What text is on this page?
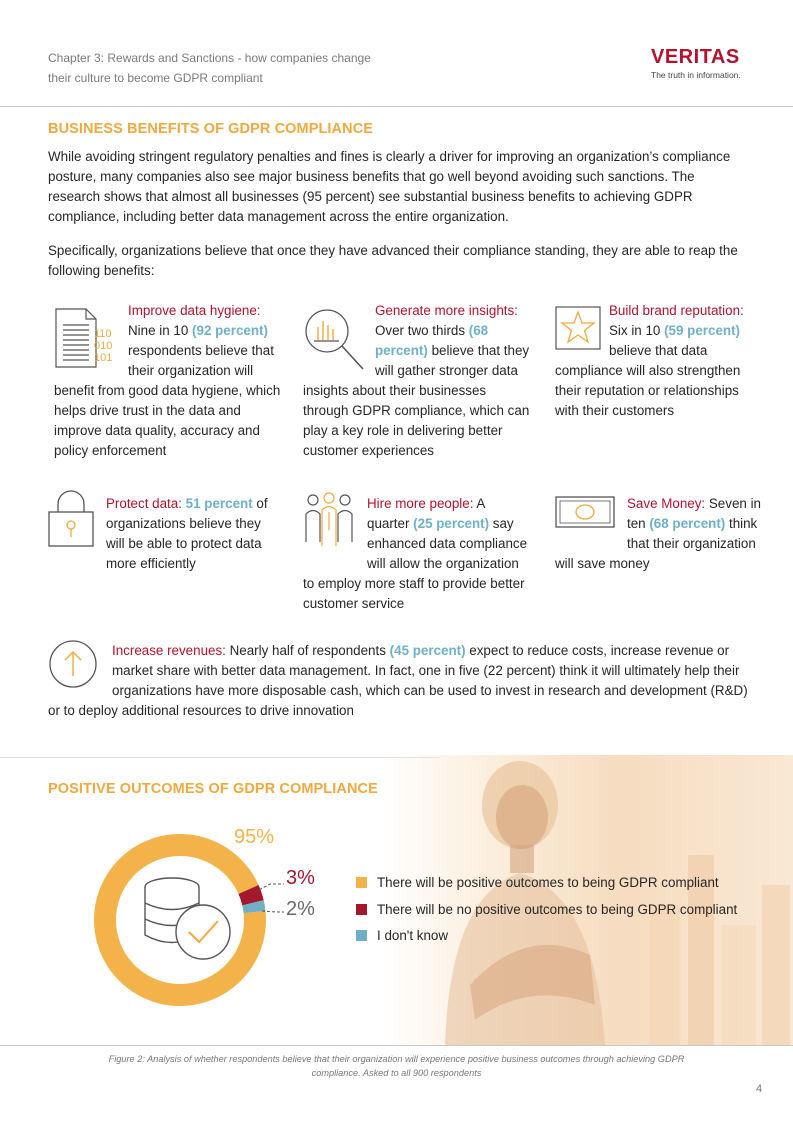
Chapter 3: Rewards and Sanctions - how companies change their culture to become GDPR compliant
VERITAS
The truth in information.
BUSINESS BENEFITS OF GDPR COMPLIANCE
While avoiding stringent regulatory penalties and fines is clearly a driver for improving an organization’s compliance posture, many companies also see major business benefits that go well beyond avoiding such sanctions. The research shows that almost all businesses (95 percent) see substantial business benefits to achieving GDPR compliance, including better data management across the entire organization.
Specifically, organizations believe that once they have advanced their compliance standing, they are able to reap the following benefits:
110
010
101
Improve data hygiene: Nine in 10 (92 percent) respondents believe that their organization will benefit from good data hygiene, which helps drive trust in the data and improve data quality, accuracy and policy enforcement
Generate more insights: Over two thirds (68 percent) believe that they will gather stronger data insights about their businesses through GDPR compliance, which can play a key role in delivering better customer experiences
Build brand reputation: Six in 10 (59 percent) believe that data compliance will also strengthen their reputation or relationships with their customers
Protect data: 51 percent of organizations believe they will be able to protect data more efficiently
Hire more people: A quarter (25 percent) say enhanced data compliance will allow the organization to employ more staff to provide better customer service
Save Money: Seven in ten (68 percent) think that their organization will save money
Increase revenues: Nearly half of respondents (45 percent) expect to reduce costs, increase revenue or market share with better data management. In fact, one in five (22 percent) think it will ultimately help their organizations have more disposable cash, which can be used to invest in research and development (R&D) or to deploy additional resources to drive innovation
POSITIVE OUTCOMES OF GDPR COMPLIANCE
95%
3%
2%
There will be positive outcomes to being GDPR compliant
There will be no positive outcomes to being GDPR compliant
I don't know
Figure 2: Analysis of whether respondents believe that their organization will experience positive business outcomes through achieving GDPR compliance. Asked to all 900 respondents
4
